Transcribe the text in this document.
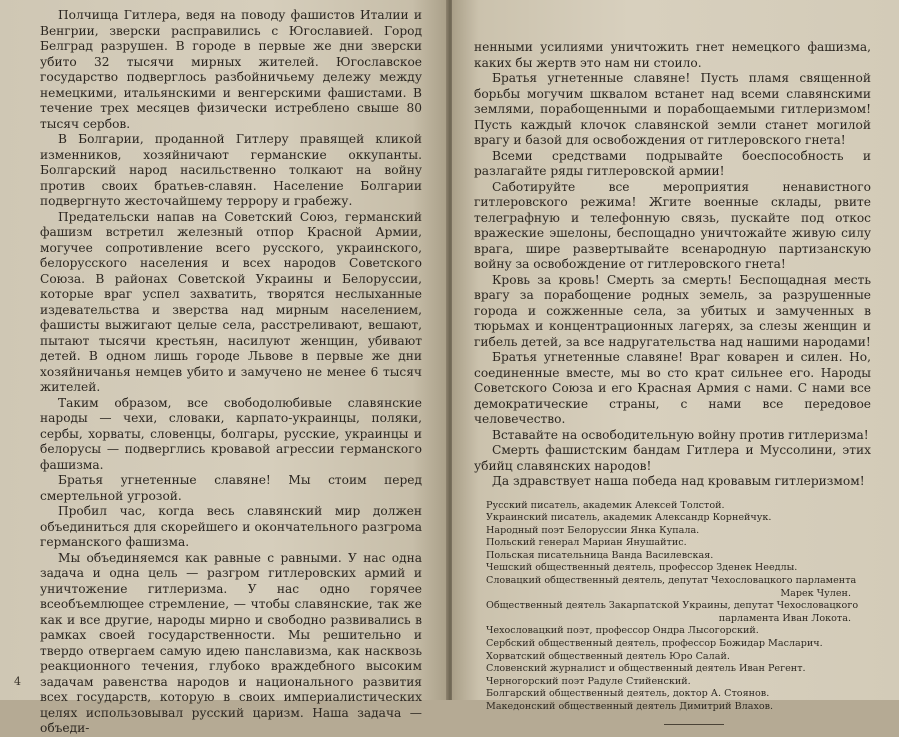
Полчища Гитлера, ведя на поводу фашистов Италии и Венгрии, зверски расправились с Югославией. Город Белград разрушен. В городе в первые же дни зверски убито 32 тысячи мирных жителей. Югославское государство подверглось разбойничьему дележу между немецкими, итальянскими и венгерскими фашистами. В течение трех месяцев физически истреблено свыше 80 тысяч сербов.

В Болгарии, проданной Гитлеру правящей кликой изменников, хозяйничают германские оккупанты. Болгарский народ насильственно толкают на войну против своих братьев-славян. Население Болгарии подвергнуто жесточайшему террору и грабежу.

Предательски напав на Советский Союз, германский фашизм встретил железный отпор Красной Армии, могучее сопротивление всего русского, украинского, белорусского населения и всех народов Советского Союза. В районах Советской Украины и Белоруссии, которые враг успел захватить, творятся неслыханные издевательства и зверства над мирным населением, фашисты выжигают целые села, расстреливают, вешают, пытают тысячи крестьян, насилуют женщин, убивают детей. В одном лишь городе Львове в первые же дни хозяйничанья немцев убито и замучено не менее 6 тысяч жителей.

Таким образом, все свободолюбивые славянские народы — чехи, словаки, карпато-украинцы, поляки, сербы, хорваты, словенцы, болгары, русские, украинцы и белорусы — подверглись кровавой агрессии германского фашизма.

Братья угнетенные славяне! Мы стоим перед смертельной угрозой.

Пробил час, когда весь славянский мир должен объединиться для скорейшего и окончательного разгрома германского фашизма.

Мы объединяемся как равные с равными. У нас одна задача и одна цель — разгром гитлеровских армий и уничтожение гитлеризма. У нас одно горячее всеобъемлющее стремление, — чтобы славянские, так же как и все другие, народы мирно и свободно развивались в рамках своей государственности. Мы решительно и твердо отвергаем самую идею панславизма, как насквозь реакционного течения, глубоко враждебного высоким задачам равенства народов и национального развития всех государств, которую в своих империалистических целях использовывал русский царизм. Наша задача — объеди-

4

ненными усилиями уничтожить гнет немецкого фашизма, каких бы жертв это нам ни стоило.

Братья угнетенные славяне! Пусть пламя священной борьбы могучим шквалом встанет над всеми славянскими землями, порабощенными и порабощаемыми гитлеризмом! Пусть каждый клочок славянской земли станет могилой врагу и базой для освобождения от гитлеровского гнета!

Всеми средствами подрывайте боеспособность и разлагайте ряды гитлеровской армии!

Саботируйте все мероприятия ненавистного гитлеровского режима! Жгите военные склады, рвите телеграфную и телефонную связь, пускайте под откос вражеские эшелоны, беспощадно уничтожайте живую силу врага, шире развертывайте всенародную партизанскую войну за освобождение от гитлеровского гнета!

Кровь за кровь! Смерть за смерть! Беспощадная месть врагу за порабощение родных земель, за разрушенные города и сожженные села, за убитых и замученных в тюрьмах и концентрационных лагерях, за слезы женщин и гибель детей, за все надругательства над нашими народами!

Братья угнетенные славяне! Враг коварен и силен. Но, соединенные вместе, мы во сто крат сильнее его. Народы Советского Союза и его Красная Армия с нами. С нами все демократические страны, с нами все передовое человечество.

Вставайте на освободительную войну против гитлеризма!

Смерть фашистским бандам Гитлера и Муссолини, этих убийц славянских народов!

Да здравствует наша победа над кровавым гитлеризмом!

Русский писатель, академик Алексей Толстой.
Украинский писатель, академик Александр Корнейчук.
Народный поэт Белоруссии Янка Купала.
Польский генерал Мариан Янушайтис.
Польская писательница Ванда Василевская.
Чешский общественный деятель, профессор Зденек Неедлы.
Словацкий общественный деятель, депутат Чехословацкого парламента
Марек Чулен.
Общественный деятель Закарпатской Украины, депутат Чехословацкого
парламента Иван Локота.
Чехословацкий поэт, профессор Ондра Лысогорский.
Сербский общественный деятель, профессор Божидар Масларич.
Хорватский общественный деятель Юро Салай.
Словенский журналист и общественный деятель Иван Регент.
Черногорский поэт Радуле Стийенский.
Болгарский общественный деятель, доктор А. Стоянов.
Македонский общественный деятель Димитрий Влахов.
